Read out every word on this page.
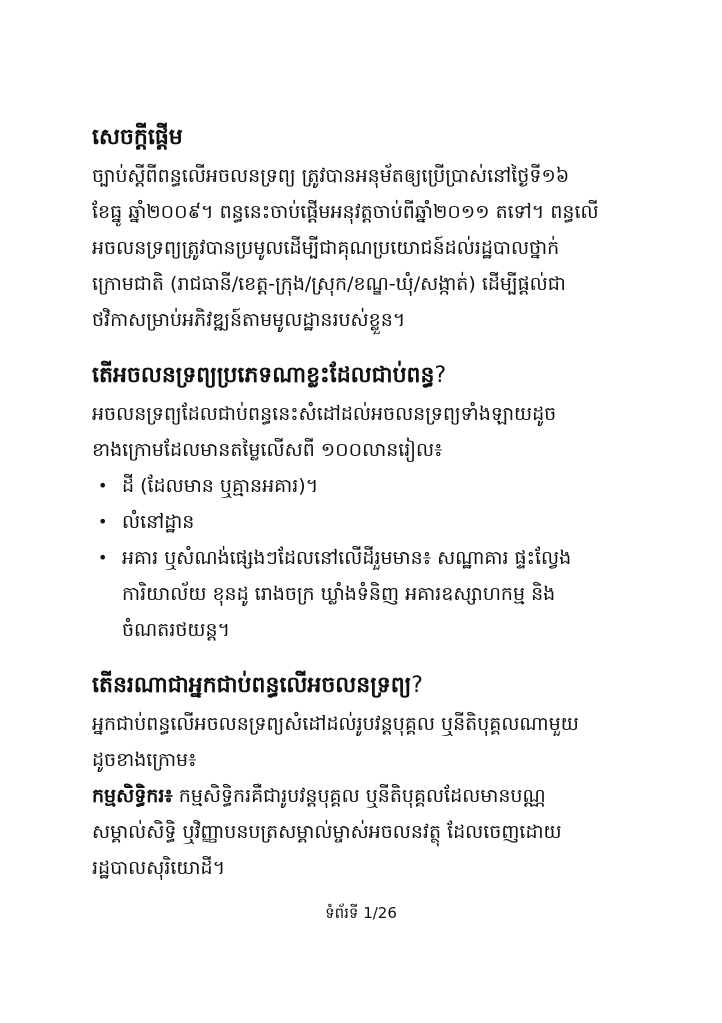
សេចក្តីផ្តើម

ច្បាប់ស្តីពីពន្ធលើអចលនទ្រព្យ ត្រូវបានអនុម័តឲ្យប្រើប្រាស់នៅថ្ងៃទី១៦

ខែធ្នូ ឆ្នាំ២០០៩។ ពន្ធនេះចាប់ផ្តើមអនុវត្តចាប់ពីឆ្នាំ២០១១ តទៅ។ ពន្ធលើ

អចលនទ្រព្យត្រូវបានប្រមូលដើម្បីជាគុណប្រយោជន៍ដល់រដ្ឋបាលថ្នាក់

ក្រោមជាតិ (រាជធានី/ខេត្ត-ក្រុង/ស្រុក/ខណ្ឌ-ឃុំ/សង្កាត់) ដើម្បីផ្តល់ជា

ថវិកាសម្រាប់អភិវឌ្ឍន៍តាមមូលដ្ឋានរបស់ខ្លួន។

តើអចលនទ្រព្យប្រភេទណាខ្លះដែលជាប់ពន្ធ?

អចលនទ្រព្យដែលជាប់ពន្ធនេះសំដៅដល់អចលនទ្រព្យទាំងឡាយដូច

ខាងក្រោមដែលមានតម្លៃលើសពី ១០០លានរៀល៖

• ដី (ដែលមាន ឬគ្មានអគារ)។
• លំនៅដ្ឋាន
• អគារ ឬសំណង់ផ្សេងៗដែលនៅលើដីរួមមាន៖ សណ្ឋាគារ ផ្ទះល្វែង
ការិយាល័យ ខុនដូ រោងចក្រ ឃ្លាំងទំនិញ អគារឧស្សាហកម្ម និង
ចំណតរថយន្ត។
តើនរណាជាអ្នកជាប់ពន្ធលើអចលនទ្រព្យ?

អ្នកជាប់ពន្ធលើអចលនទ្រព្យសំដៅដល់រូបវន្តបុគ្គល ឬនីតិបុគ្គលណាមួយ

ដូចខាងក្រោម៖

កម្មសិទ្ធិករ៖ កម្មសិទ្ធិករគឺជារូបវន្តបុគ្គល ឬនីតិបុគ្គលដែលមានបណ្ណ

សម្គាល់សិទ្ធិ ឬវិញ្ញាបនបត្រសម្គាល់ម្ចាស់អចលនវត្ថុ ដែលចេញដោយ

រដ្ឋបាលសុរិយោដី។

ទំព័រទី 1/26
